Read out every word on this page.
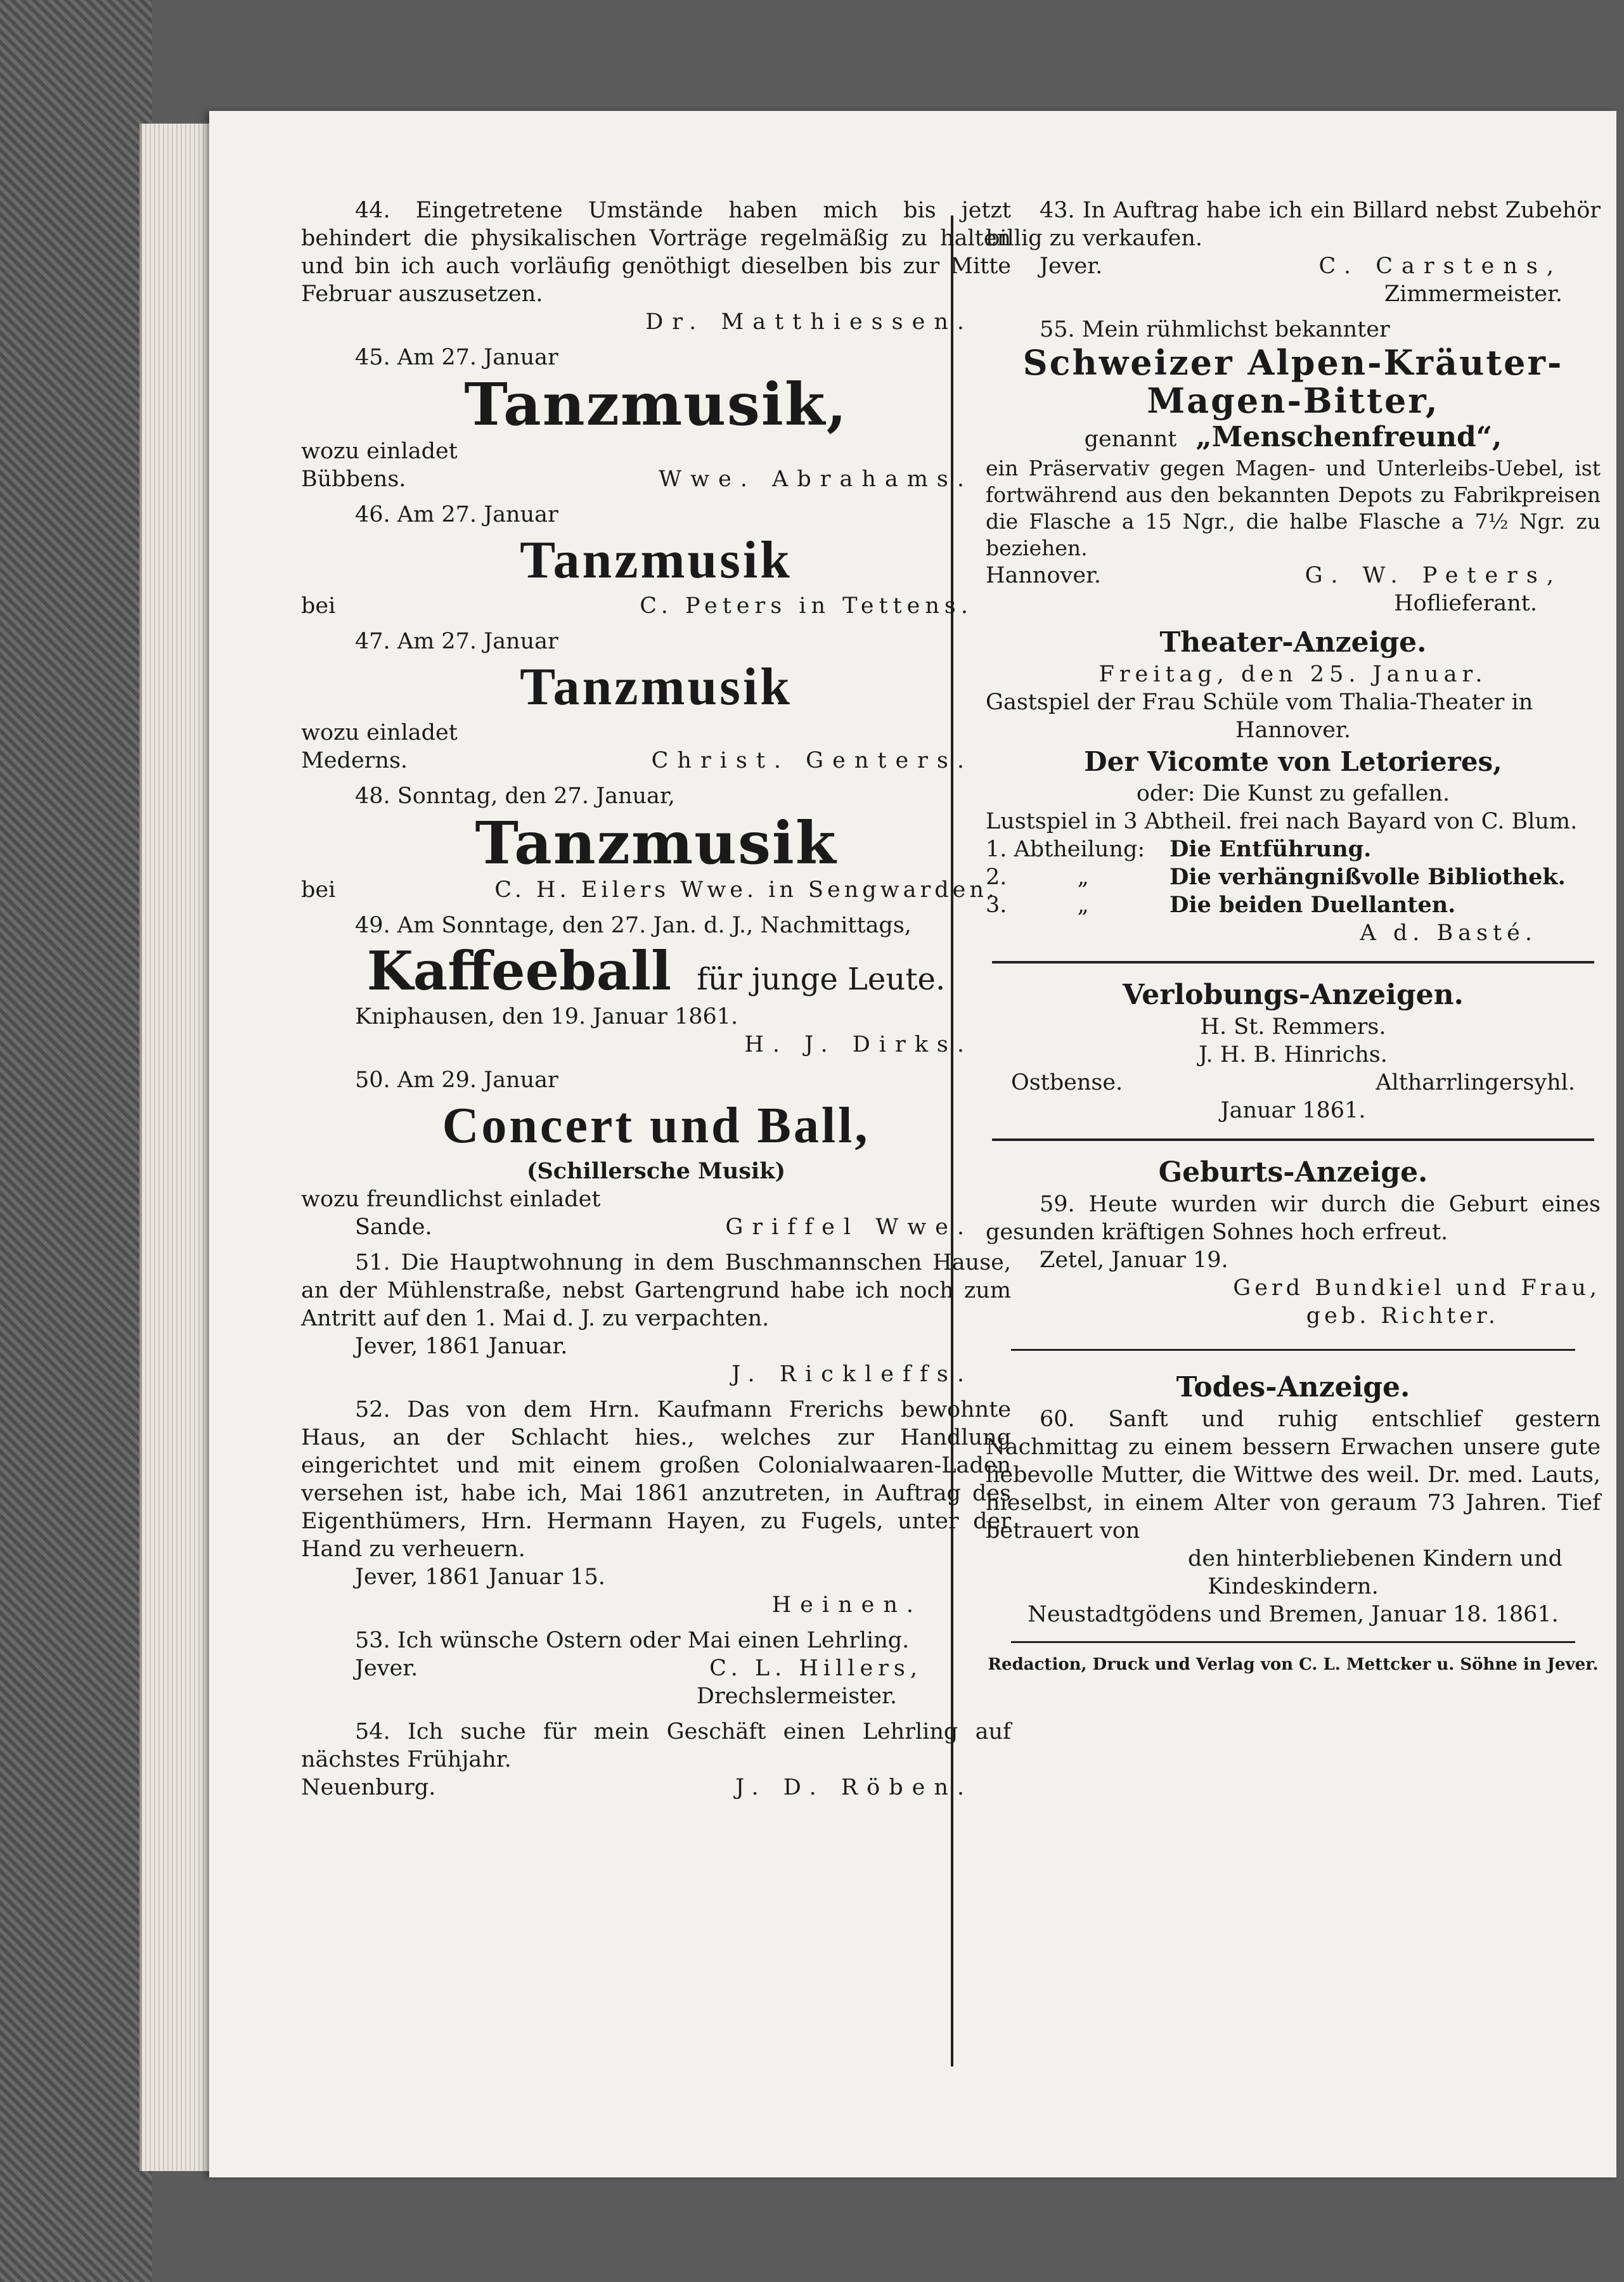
44. Eingetretene Umstände haben mich bis jetzt behindert die physikalischen Vorträge regelmäßig zu halten und bin ich auch vorläufig genöthigt dieselben bis zur Mitte Februar auszusetzen.
Dr. Matthiessen.
45. Am 27. Januar
Tanzmusik,
wozu einladet
Bübbens.	Wwe. Abrahams.
46. Am 27. Januar
Tanzmusik
bei	C. Peters in Tettens.
47. Am 27. Januar
Tanzmusik
wozu einladet
Mederns.	Christ. Genters.
48. Sonntag, den 27. Januar,
Tanzmusik
bei	C. H. Eilers Wwe. in Sengwarden.
49. Am Sonntage, den 27. Jan. d. J., Nachmittags,
Kaffeeball für junge Leute.
Kniphausen, den 19. Januar 1861.
H. J. Dirks.
50. Am 29. Januar
Concert und Ball,
(Schillersche Musik)
wozu freundlichst einladet
Sande.	Griffel Wwe.
51. Die Hauptwohnung in dem Buschmannschen Hause, an der Mühlenstraße, nebst Gartengrund habe ich noch zum Antritt auf den 1. Mai d. J. zu verpachten.
Jever, 1861 Januar.
J. Rickleffs.
52. Das von dem Hrn. Kaufmann Frerichs bewohnte Haus, an der Schlacht hies., welches zur Handlung eingerichtet und mit einem großen Colonialwaaren-Laden versehen ist, habe ich, Mai 1861 anzutreten, in Auftrag des Eigenthümers, Hrn. Hermann Hayen, zu Fugels, unter der Hand zu verheuern.
Jever, 1861 Januar 15.
Heinen.
53. Ich wünsche Ostern oder Mai einen Lehrling.
Jever.	C. L. Hillers,
Drechslermeister.
54. Ich suche für mein Geschäft einen Lehrling auf nächstes Frühjahr.
Neuenburg.	J. D. Röben.
43. In Auftrag habe ich ein Billard nebst Zubehör billig zu verkaufen.
Jever.	C. Carstens,
Zimmermeister.
55. Mein rühmlichst bekannter
Schweizer Alpen-Kräuter-
Magen-Bitter,
genannt „Menschenfreund“,
ein Präservativ gegen Magen- und Unterleibs-Uebel, ist fortwährend aus den bekannten Depots zu Fabrikpreisen die Flasche a 15 Ngr., die halbe Flasche a 7½ Ngr. zu beziehen.
Hannover.	G. W. Peters,
Hoflieferant.
Theater-Anzeige.
Freitag, den 25. Januar.
Gastspiel der Frau Schüle vom Thalia-Theater in
Hannover.
Der Vicomte von Letorieres,
oder: Die Kunst zu gefallen.
Lustspiel in 3 Abtheil. frei nach Bayard von C. Blum.
1. Abtheilung:	Die Entführung.
2.          „	Die verhängnißvolle Bibliothek.
3.          „	Die beiden Duellanten.
A d. Basté.
Verlobungs-Anzeigen.
H. St. Remmers.
J. H. B. Hinrichs.
Ostbense.	Altharrlingersyhl.
Januar 1861.
Geburts-Anzeige.
59. Heute wurden wir durch die Geburt eines gesunden kräftigen Sohnes hoch erfreut.
Zetel, Januar 19.
Gerd Bundkiel und Frau,
geb. Richter.
Todes-Anzeige.
60. Sanft und ruhig entschlief gestern Nachmittag zu einem bessern Erwachen unsere gute liebevolle Mutter, die Wittwe des weil. Dr. med. Lauts, hieselbst, in einem Alter von geraum 73 Jahren. Tief betrauert von
den hinterbliebenen Kindern und
Kindeskindern.
Neustadtgödens und Bremen, Januar 18. 1861.
Redaction, Druck und Verlag von C. L. Mettcker u. Söhne in Jever.
